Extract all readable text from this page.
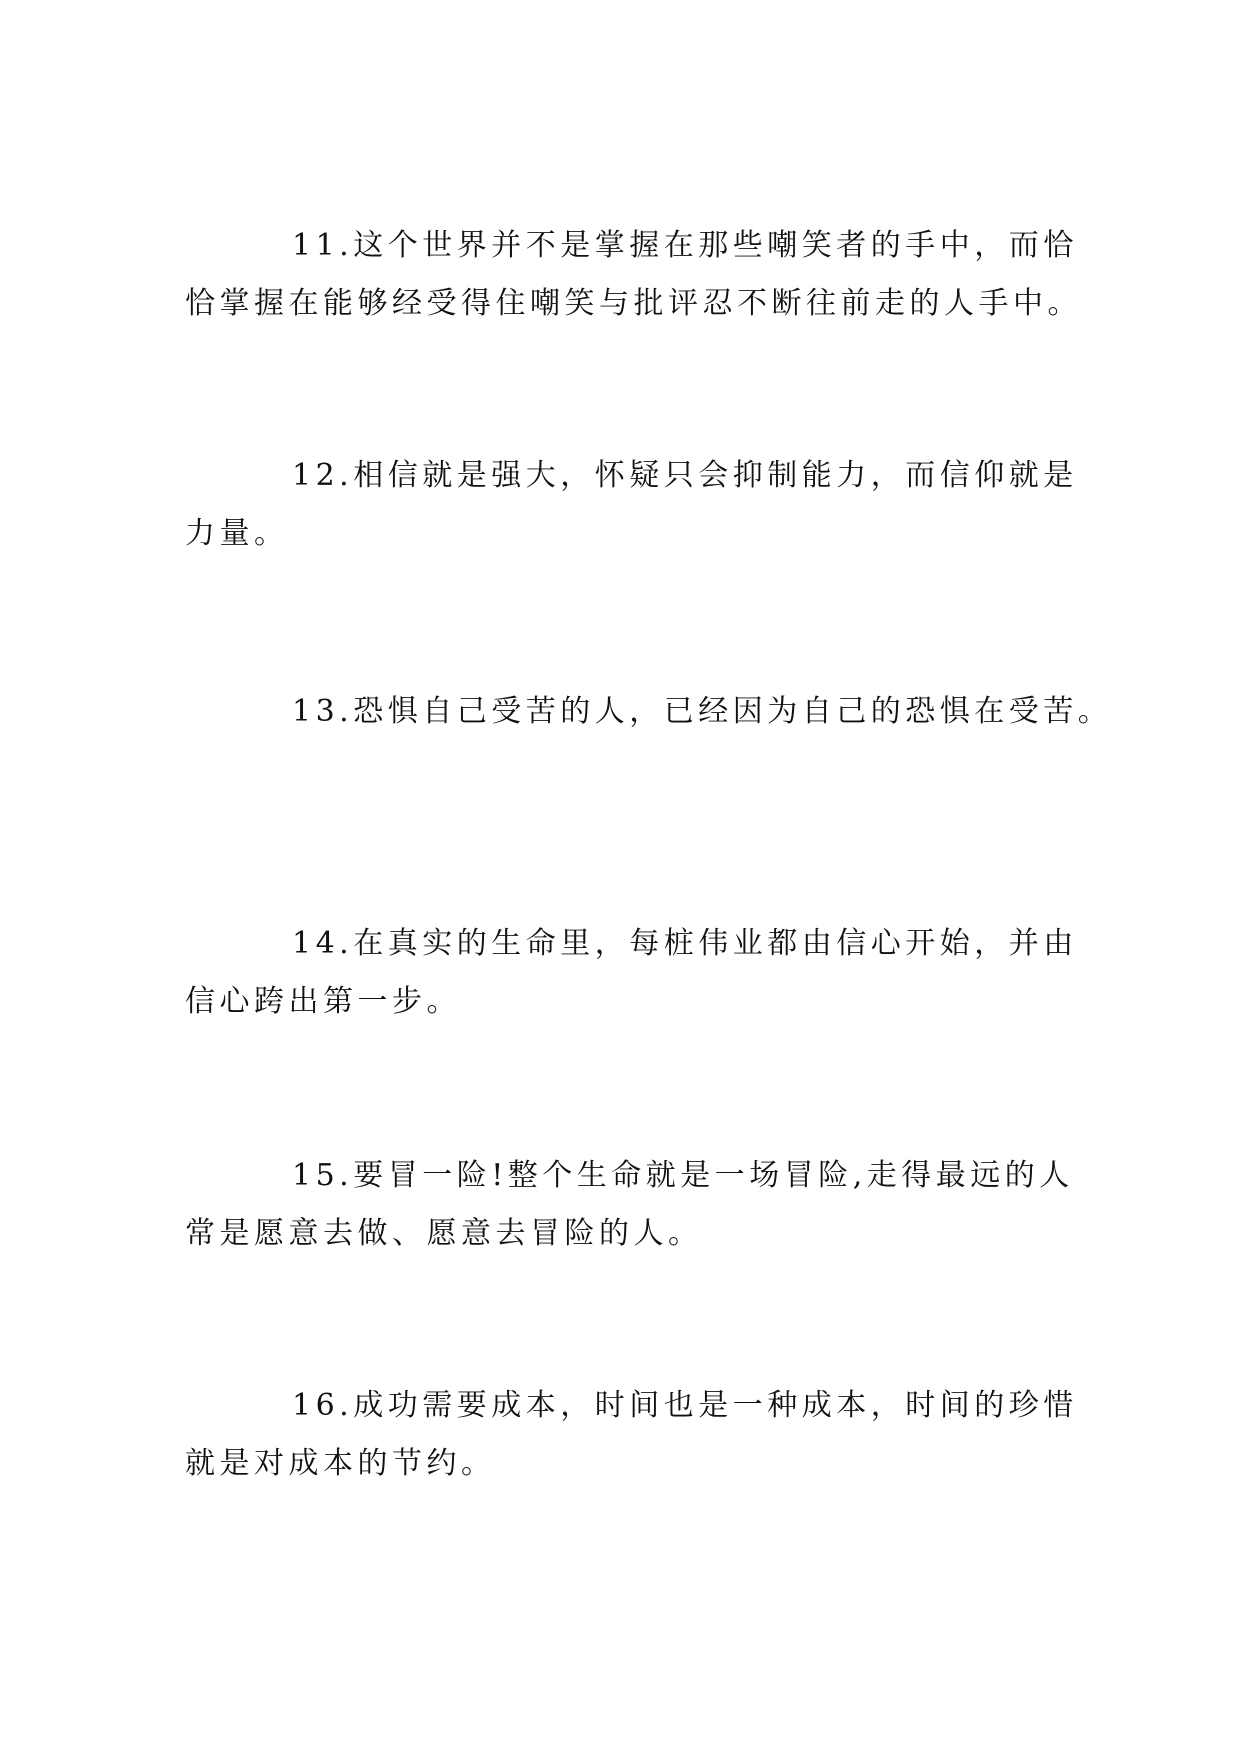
11.这个世界并不是掌握在那些嘲笑者的手中，而恰
恰掌握在能够经受得住嘲笑与批评忍不断往前走的人手中。

12.相信就是强大，怀疑只会抑制能力，而信仰就是
力量。

13.恐惧自己受苦的人，已经因为自己的恐惧在受苦。

14.在真实的生命里，每桩伟业都由信心开始，并由
信心跨出第一步。

15.要冒一险!整个生命就是一场冒险,走得最远的人
常是愿意去做、愿意去冒险的人。

16.成功需要成本，时间也是一种成本，时间的珍惜
就是对成本的节约。
